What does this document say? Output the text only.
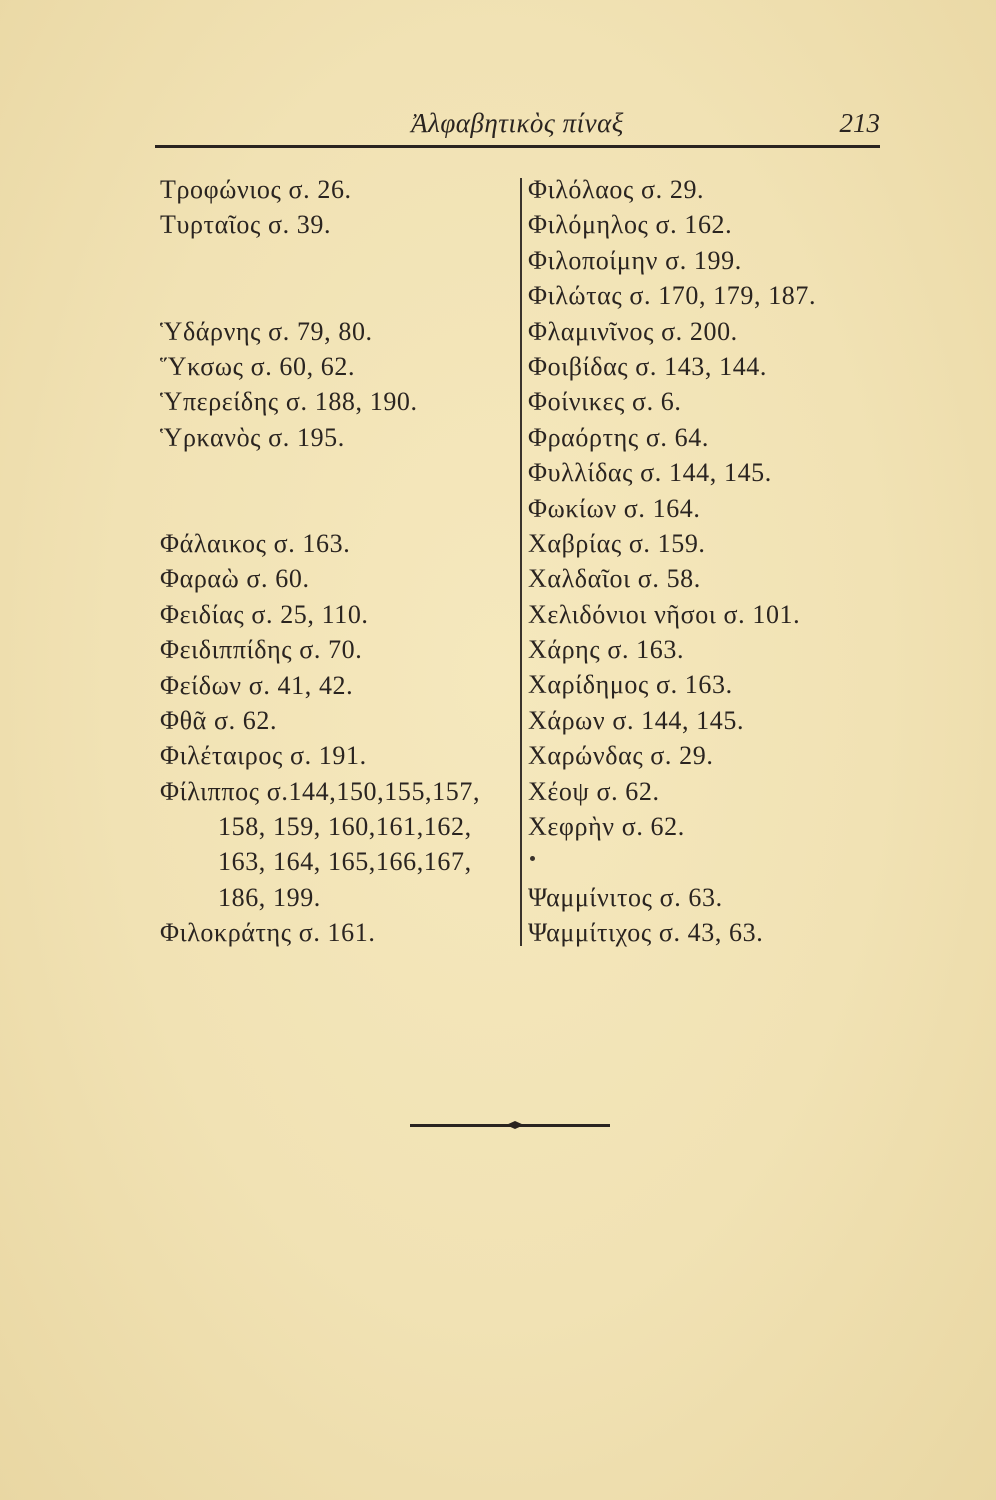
Ἀλφαβητικὸς πίναξ	213
Τροφώνιος σ. 26.
Τυρταῖος σ. 39.
Ὑδάρνης σ. 79, 80.
Ὕκσως σ. 60, 62.
Ὑπερείδης σ. 188, 190.
Ὑρκανὸς σ. 195.
Φάλαικος σ. 163.
Φαραὼ σ. 60.
Φειδίας σ. 25, 110.
Φειδιππίδης σ. 70.
Φείδων σ. 41, 42.
Φθᾶ σ. 62.
Φιλέταιρος σ. 191.
Φίλιππος σ.144,150,155,157,
158, 159, 160,161,162,
163, 164, 165,166,167,
186, 199.
Φιλοκράτης σ. 161.
Φιλόλαος σ. 29.
Φιλόμηλος σ. 162.
Φιλοποίμην σ. 199.
Φιλώτας σ. 170, 179, 187.
Φλαμινῖνος σ. 200.
Φοιβίδας σ. 143, 144.
Φοίνικες σ. 6.
Φραόρτης σ. 64.
Φυλλίδας σ. 144, 145.
Φωκίων σ. 164.
Χαβρίας σ. 159.
Χαλδαῖοι σ. 58.
Χελιδόνιοι νῆσοι σ. 101.
Χάρης σ. 163.
Χαρίδημος σ. 163.
Χάρων σ. 144, 145.
Χαρώνδας σ. 29.
Χέοψ σ. 62.
Χεφρὴν σ. 62.
Ψαμμίνιτος σ. 63.
Ψαμμίτιχος σ. 43, 63.
